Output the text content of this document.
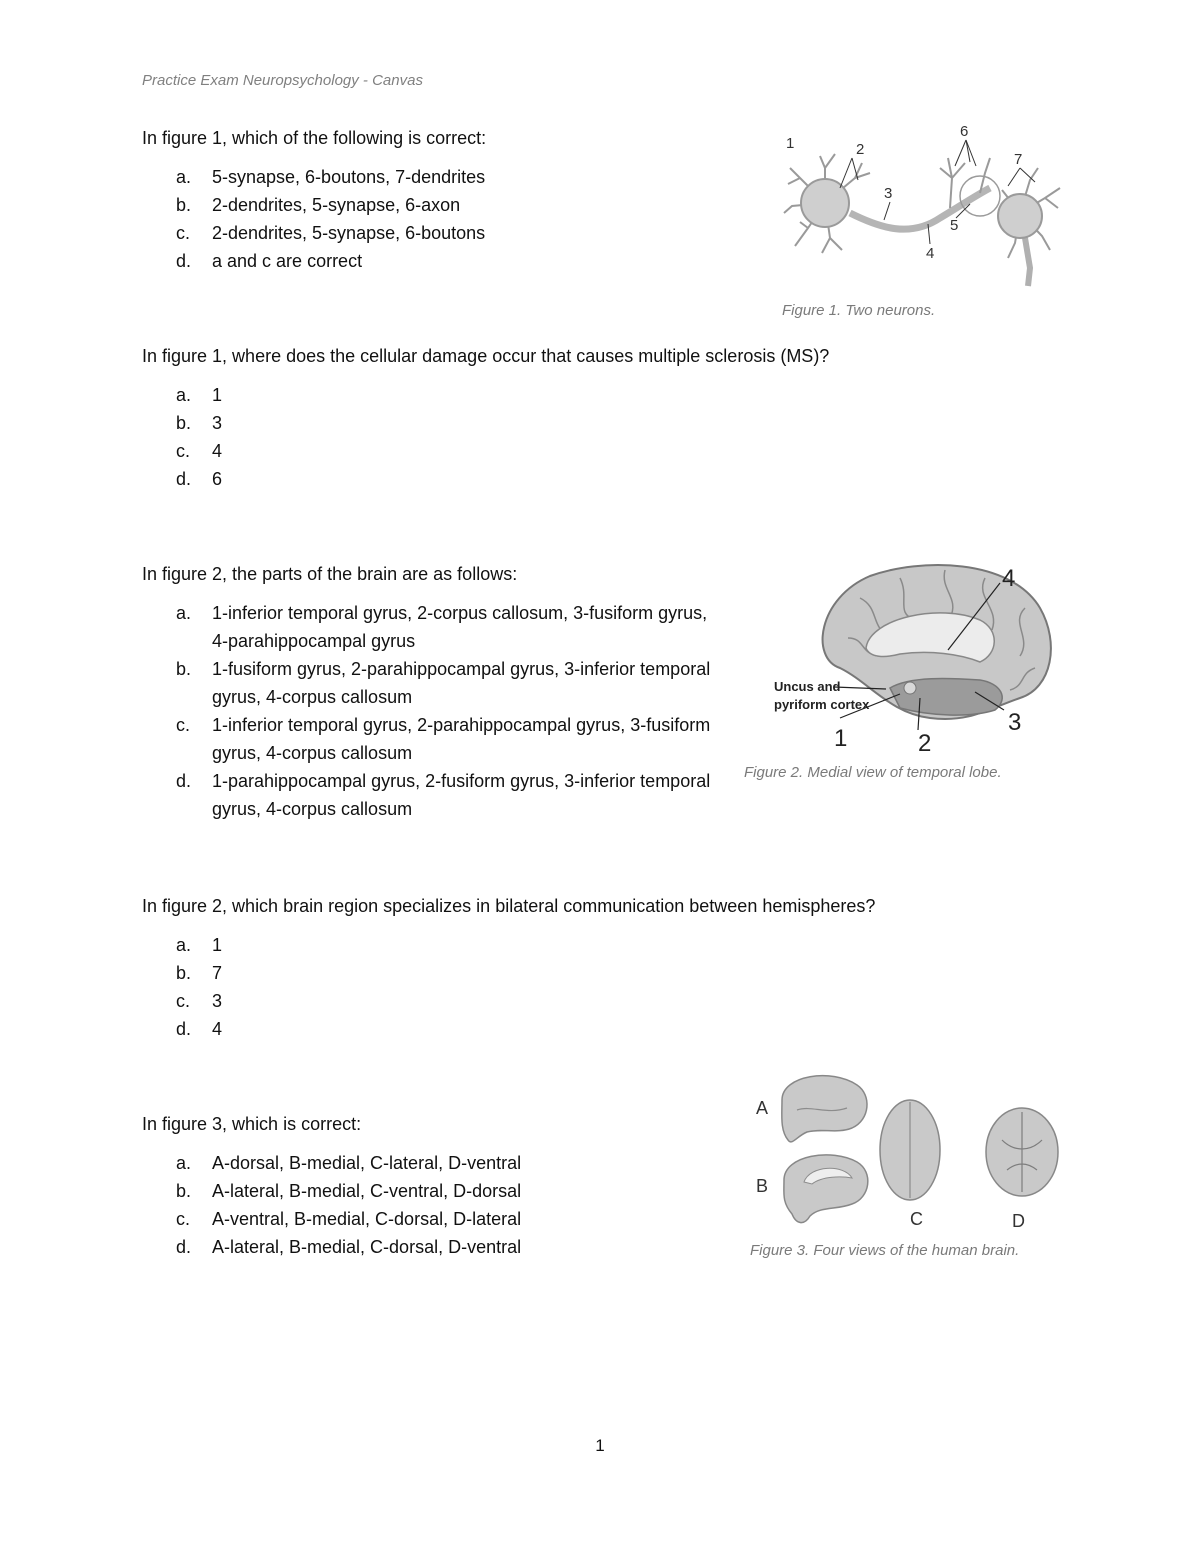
Practice Exam Neuropsychology - Canvas

In figure 1, which of the following is correct:

a. 5-synapse, 6-boutons, 7-dendrites
b. 2-dendrites, 5-synapse, 6-axon
c. 2-dendrites, 5-synapse, 6-boutons
d. a and c are correct
1	2
3
4
5
6
7
Figure 1. Two neurons.

In figure 1, where does the cellular damage occur that causes multiple sclerosis (MS)?

a. 1
b. 3
c. 4
d. 6

In figure 2, the parts of the brain are as follows:

a. 1-inferior temporal gyrus, 2-corpus callosum, 3-fusiform gyrus, 4-parahippocampal gyrus
b. 1-fusiform gyrus, 2-parahippocampal gyrus, 3-inferior temporal gyrus, 4-corpus callosum
c. 1-inferior temporal gyrus, 2-parahippocampal gyrus, 3-fusiform gyrus, 4-corpus callosum
d. 1-parahippocampal gyrus, 2-fusiform gyrus, 3-inferior temporal gyrus, 4-corpus callosum
4
Uncus and
pyriform cortex
1	2
3
Figure 2. Medial view of temporal lobe.

In figure 2, which brain region specializes in bilateral communication between hemispheres?

a. 1
b. 7
c. 3
d. 4

In figure 3, which is correct:

a. A-dorsal, B-medial, C-lateral, D-ventral
b. A-lateral, B-medial, C-ventral, D-dorsal
c. A-ventral, B-medial, C-dorsal, D-lateral
d. A-lateral, B-medial, C-dorsal, D-ventral
A
B
C	D
Figure 3. Four views of the human brain.
1
